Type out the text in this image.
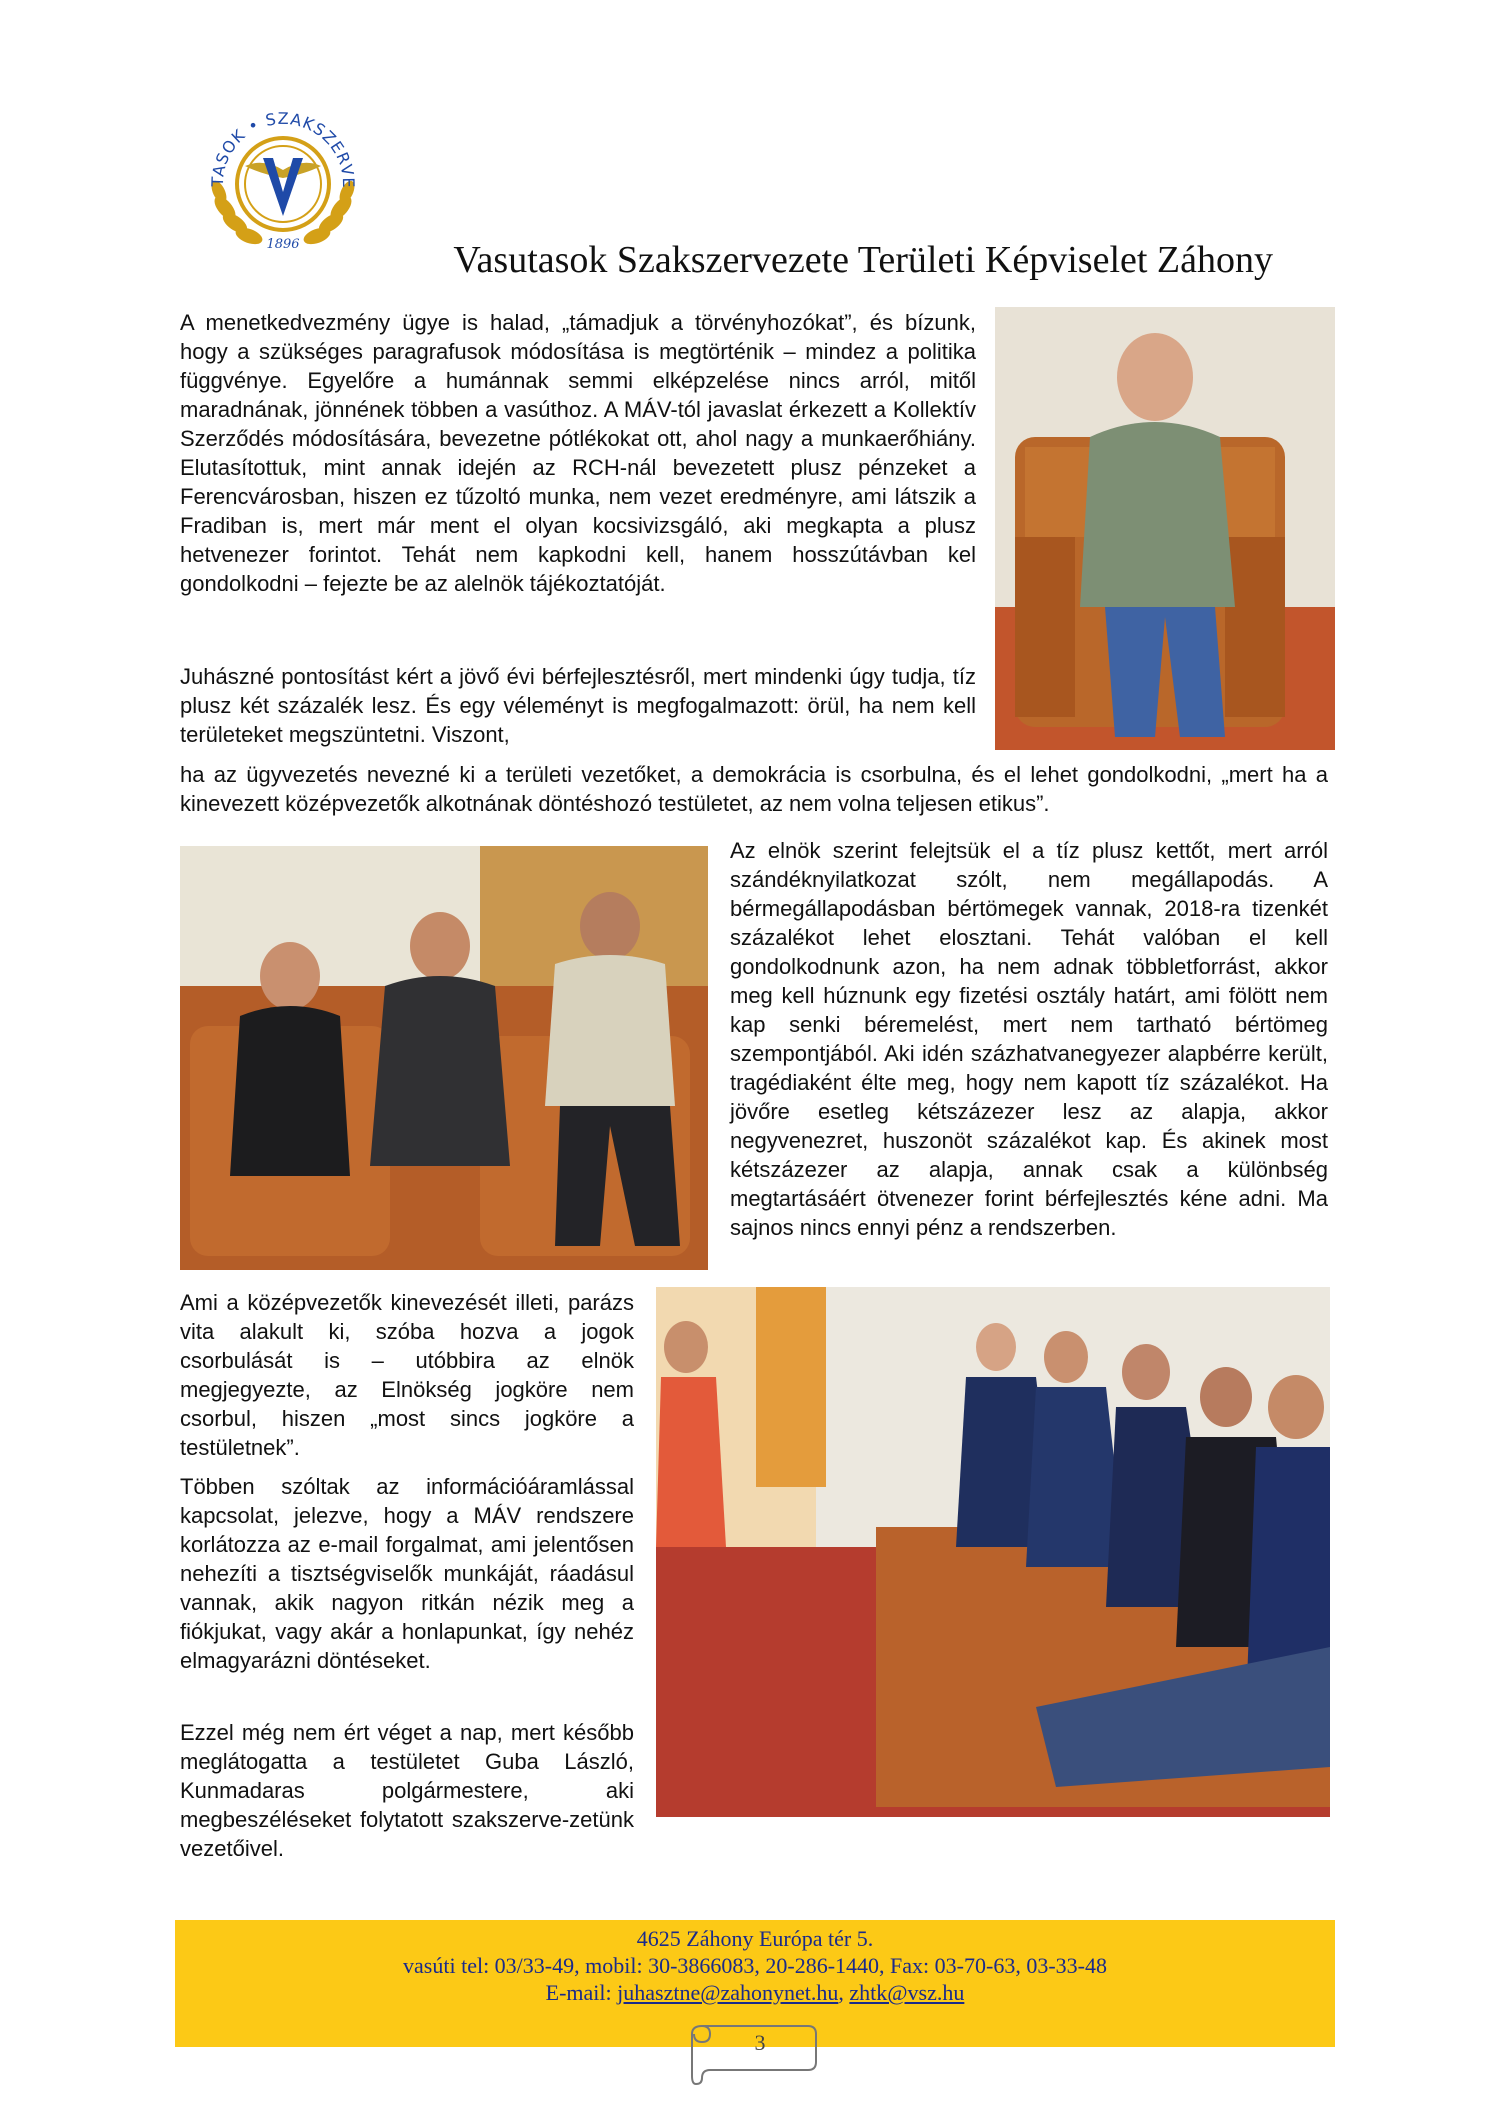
TASOK • SZAKSZERVE
1896	Vasutasok Szakszervezete Területi Képviselet Záhony

A menetkedvezmény ügye is halad, „támadjuk a törvényhozókat”, és bízunk, hogy a szükséges paragrafusok módosítása is megtörténik – mindez a politika függvénye. Egyelőre a humánnak semmi elképzelése nincs arról, mitől maradnának, jönnének többen a vasúthoz. A MÁV-tól javaslat érkezett a Kollektív Szerződés módosítására, bevezetne pótlékokat ott, ahol nagy a munkaerőhiány. Elutasítottuk, mint annak idején az RCH-nál bevezetett plusz pénzeket a Ferencvárosban, hiszen ez tűzoltó munka, nem vezet eredményre, ami látszik a Fradiban is, mert már ment el olyan kocsivizsgáló, aki megkapta a plusz hetvenezer forintot. Tehát nem kapkodni kell, hanem hosszútávban kel gondolkodni – fejezte be az alelnök tájékoztatóját.

Juhászné pontosítást kért a jövő évi bérfejlesztésről, mert mindenki úgy tudja, tíz plusz két százalék lesz. És egy véleményt is megfogalmazott: örül, ha nem kell területeket megszüntetni. Viszont,

ha az ügyvezetés nevezné ki a területi vezetőket, a demokrácia is csorbulna, és el lehet gondolkodni, „mert ha a kinevezett középvezetők alkotnának döntéshozó testületet, az nem volna teljesen etikus”.

Az elnök szerint felejtsük el a tíz plusz kettőt, mert arról szándéknyilatkozat szólt, nem megállapodás. A bérmegállapodásban bértömegek vannak, 2018-ra tizenkét százalékot lehet elosztani. Tehát valóban el kell gondolkodnunk azon, ha nem adnak többletforrást, akkor meg kell húznunk egy fizetési osztály határt, ami fölött nem kap senki béremelést, mert nem tartható bértömeg szempontjából. Aki idén százhatvanegyezer alapbérre került, tragédiaként élte meg, hogy nem kapott tíz százalékot. Ha jövőre esetleg kétszázezer lesz az alapja, akkor negyvenezret, huszonöt százalékot kap. És akinek most kétszázezer az alapja, annak csak a különbség megtartásáért ötvenezer forint bérfejlesztés kéne adni. Ma sajnos nincs ennyi pénz a rendszerben.

Ami a középvezetők kinevezését illeti, parázs vita alakult ki, szóba hozva a jogok csorbulását is – utóbbira az elnök megjegyezte, az Elnökség jogköre nem csorbul, hiszen „most sincs jogköre a testületnek”.

Többen szóltak az információáramlással kapcsolat, jelezve, hogy a MÁV rendszere korlátozza az e-mail forgalmat, ami jelentősen nehezíti a tisztségviselők munkáját, ráadásul vannak, akik nagyon ritkán nézik meg a fiókjukat, vagy akár a honlapunkat, így nehéz elmagyarázni döntéseket.

Ezzel még nem ért véget a nap, mert később meglátogatta a testületet Guba László, Kunmadaras polgármestere, aki megbeszéléseket folytatott szakszerve-zetünk vezetőivel.

4625 Záhony Európa tér 5.
vasúti tel: 03/33-49, mobil: 30-3866083, 20-286-1440, Fax: 03-70-63, 03-33-48
E-mail: juhasztne@zahonynet.hu, zhtk@vsz.hu
3
